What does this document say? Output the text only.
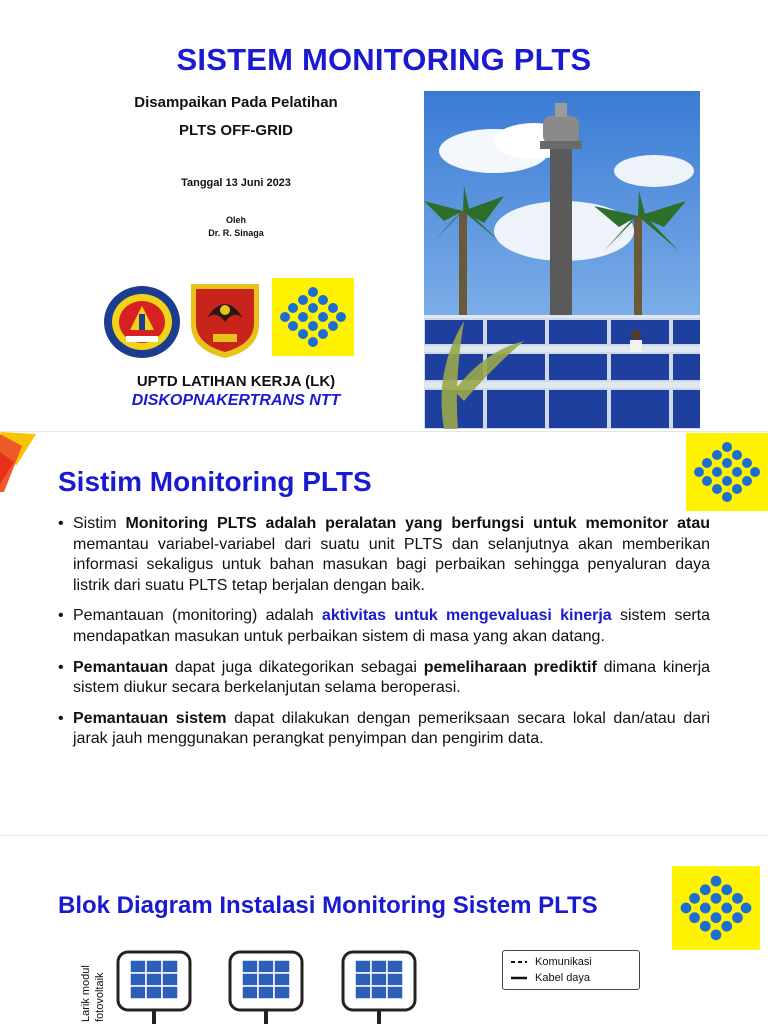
SISTEM MONITORING PLTS
Disampaikan Pada Pelatihan
PLTS OFF-GRID
Tanggal 13 Juni 2023
Oleh
Dr. R. Sinaga
UPTD LATIHAN KERJA (LK)
DISKOPNAKERTRANS NTT
Sistim Monitoring PLTS
• Sistim Monitoring PLTS adalah peralatan yang berfungsi untuk memonitor atau memantau variabel-variabel dari suatu unit PLTS dan selanjutnya akan memberikan informasi sekaligus untuk bahan masukan bagi perbaikan sehingga penyaluran daya listrik dari suatu PLTS tetap berjalan dengan baik.
• Pemantauan (monitoring) adalah aktivitas untuk mengevaluasi kinerja sistem serta mendapatkan masukan untuk perbaikan sistem di masa yang akan datang.
• Pemantauan dapat juga dikategorikan sebagai pemeliharaan prediktif dimana kinerja sistem diukur secara berkelanjutan selama beroperasi.
• Pemantauan sistem dapat dilakukan dengan pemeriksaan secara lokal dan/atau dari jarak jauh menggunakan perangkat penyimpan dan pengirim data.
Blok Diagram Instalasi Monitoring Sistem PLTS
Larik modul fotovoltaik
Komunikasi
Kabel daya
